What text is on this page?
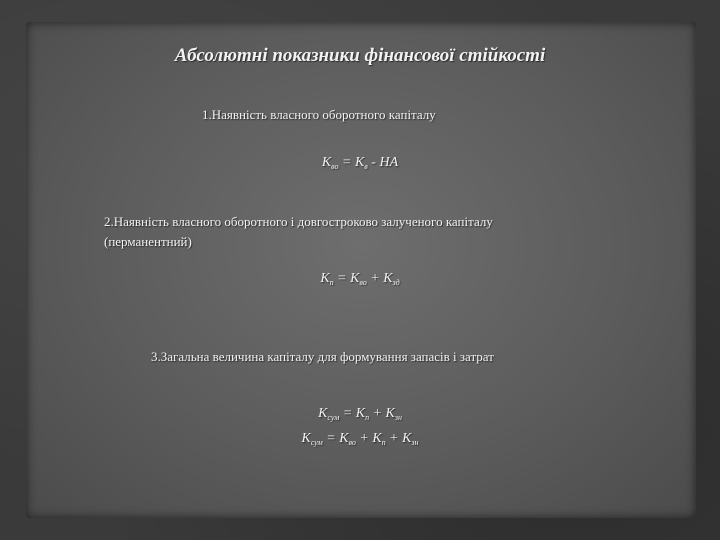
Абсолютні показники фінансової стійкості
1.Наявність власного оборотного капіталу
$К_{во} = К_в$ - НА
2.Наявність власного оборотного і довгостроково залученого капіталу
(перманентний)
$К_п = К_{во} + К_{зд}$
3.Загальна величина капіталу для формування запасів і затрат
$К_{сум} = К_п + К_{зн}$
$К_{сум} = К_{во} + К_п + К_{зн}$
